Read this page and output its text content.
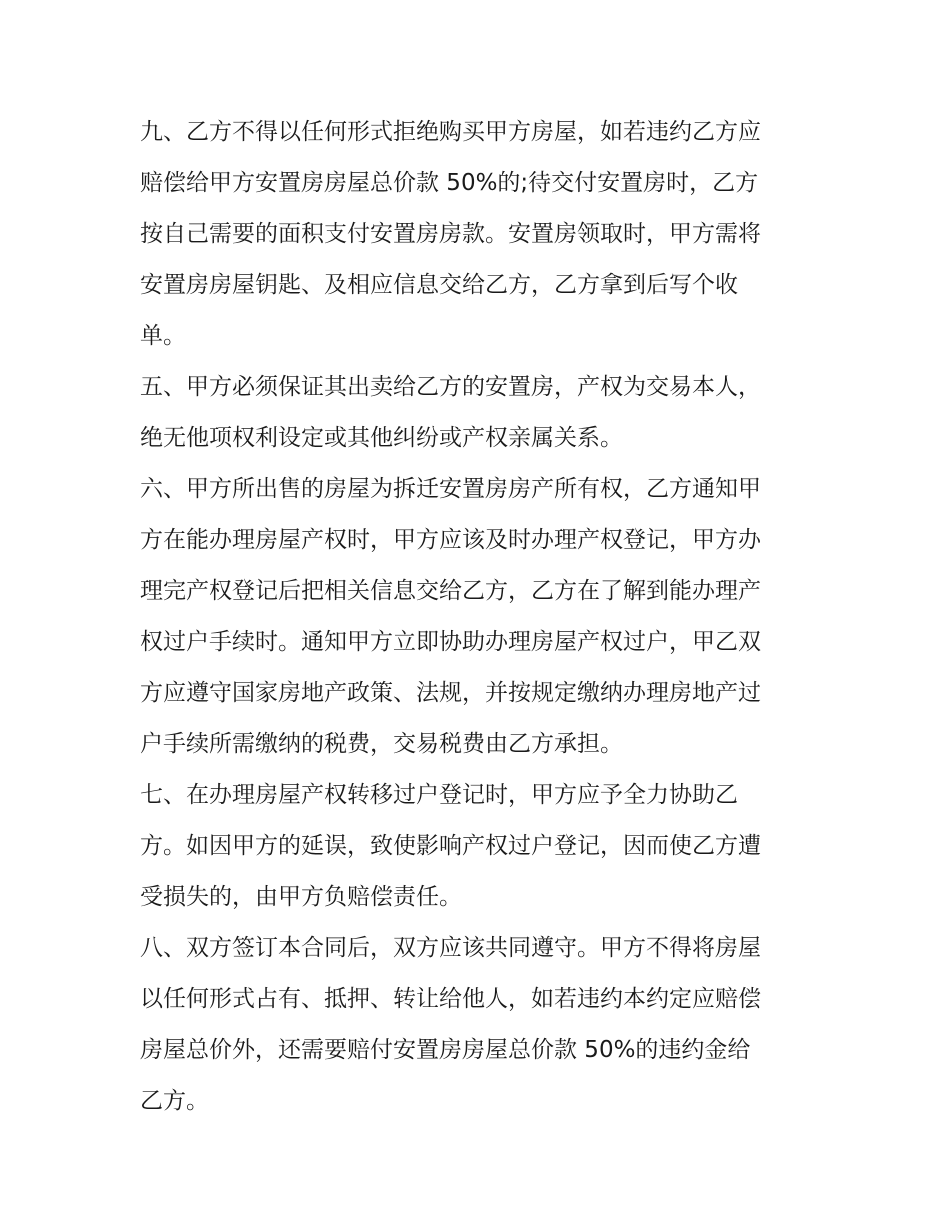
九、乙方不得以任何形式拒绝购买甲方房屋，如若违约乙方应
赔偿给甲方安置房房屋总价款 50%的;待交付安置房时，乙方
按自己需要的面积支付安置房房款。安置房领取时，甲方需将
安置房房屋钥匙、及相应信息交给乙方，乙方拿到后写个收
单。

五、甲方必须保证其出卖给乙方的安置房，产权为交易本人，
绝无他项权利设定或其他纠纷或产权亲属关系。

六、甲方所出售的房屋为拆迁安置房房产所有权，乙方通知甲
方在能办理房屋产权时，甲方应该及时办理产权登记，甲方办
理完产权登记后把相关信息交给乙方，乙方在了解到能办理产
权过户手续时。通知甲方立即协助办理房屋产权过户，甲乙双
方应遵守国家房地产政策、法规，并按规定缴纳办理房地产过
户手续所需缴纳的税费，交易税费由乙方承担。

七、在办理房屋产权转移过户登记时，甲方应予全力协助乙
方。如因甲方的延误，致使影响产权过户登记，因而使乙方遭
受损失的，由甲方负赔偿责任。

八、双方签订本合同后，双方应该共同遵守。甲方不得将房屋
以任何形式占有、抵押、转让给他人，如若违约本约定应赔偿
房屋总价外，还需要赔付安置房房屋总价款 50%的违约金给
乙方。
